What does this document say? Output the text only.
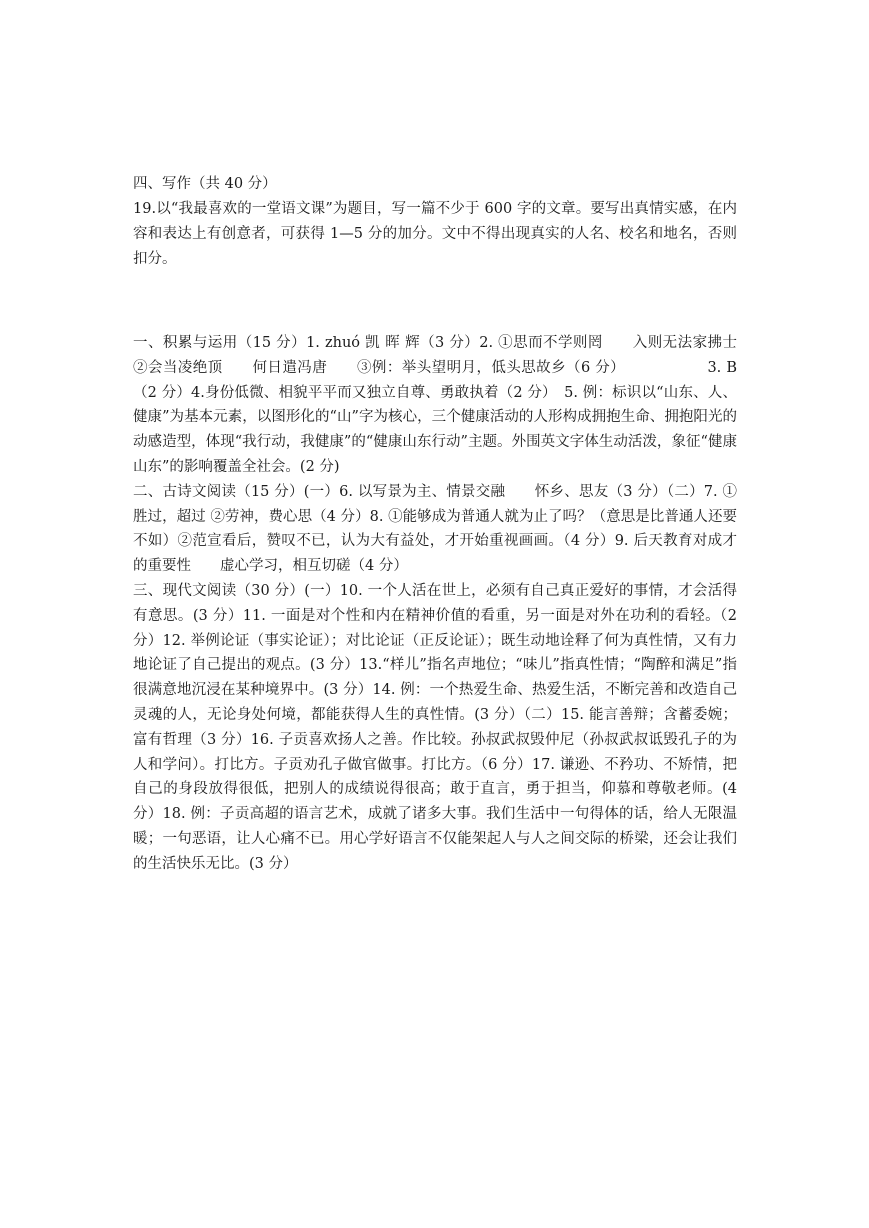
四、写作（共 40 分）

19.以“我最喜欢的一堂语文课”为题目，写一篇不少于 600 字的文章。要写出真情实感，在内容和表达上有创意者，可获得 1—5 分的加分。文中不得出现真实的人名、校名和地名，否则扣分。

一、积累与运用（15 分）1. zhuó 凯 晖 辉（3 分）2. ①思而不学则罔　　入则无法家拂士　　②会当凌绝顶　　何日遣冯唐　　③例：举头望明月，低头思故乡（6 分）　　　　　　3. B（2 分）4.身份低微、相貌平平而又独立自尊、勇敢执着（2 分）　5. 例：标识以“山东、人、健康”为基本元素，以图形化的“山”字为核心，三个健康活动的人形构成拥抱生命、拥抱阳光的动感造型，体现“我行动，我健康”的“健康山东行动”主题。外围英文字体生动活泼，象征“健康山东”的影响覆盖全社会。(2 分)

二、古诗文阅读（15 分）(一）6. 以写景为主、情景交融　　怀乡、思友（3 分）（二）7. ①胜过，超过 ②劳神，费心思（4 分）8. ①能够成为普通人就为止了吗？（意思是比普通人还要不如）②范宣看后，赞叹不已，认为大有益处，才开始重视画画。（4 分）9. 后天教育对成才的重要性　　虚心学习，相互切磋（4 分）

三、现代文阅读（30 分）(一）10. 一个人活在世上，必须有自己真正爱好的事情，才会活得有意思。(3 分）11. 一面是对个性和内在精神价值的看重，另一面是对外在功利的看轻。（2 分）12. 举例论证（事实论证）；对比论证（正反论证）；既生动地诠释了何为真性情，又有力地论证了自己提出的观点。(3 分）13.“样儿”指名声地位；“味儿”指真性情；“陶醉和满足”指很满意地沉浸在某种境界中。(3 分）14. 例：一个热爱生命、热爱生活，不断完善和改造自己灵魂的人，无论身处何境，都能获得人生的真性情。(3 分）（二）15. 能言善辩；含蓄委婉；富有哲理（3 分）16. 子贡喜欢扬人之善。作比较。孙叔武叔毁仲尼（孙叔武叔诋毁孔子的为人和学问）。打比方。子贡劝孔子做官做事。打比方。（6 分）17. 谦逊、不矜功、不矫情，把自己的身段放得很低，把别人的成绩说得很高；敢于直言，勇于担当，仰慕和尊敬老师。(4 分）18. 例：子贡高超的语言艺术，成就了诸多大事。我们生活中一句得体的话，给人无限温暖；一句恶语，让人心痛不已。用心学好语言不仅能架起人与人之间交际的桥梁，还会让我们的生活快乐无比。(3 分）
